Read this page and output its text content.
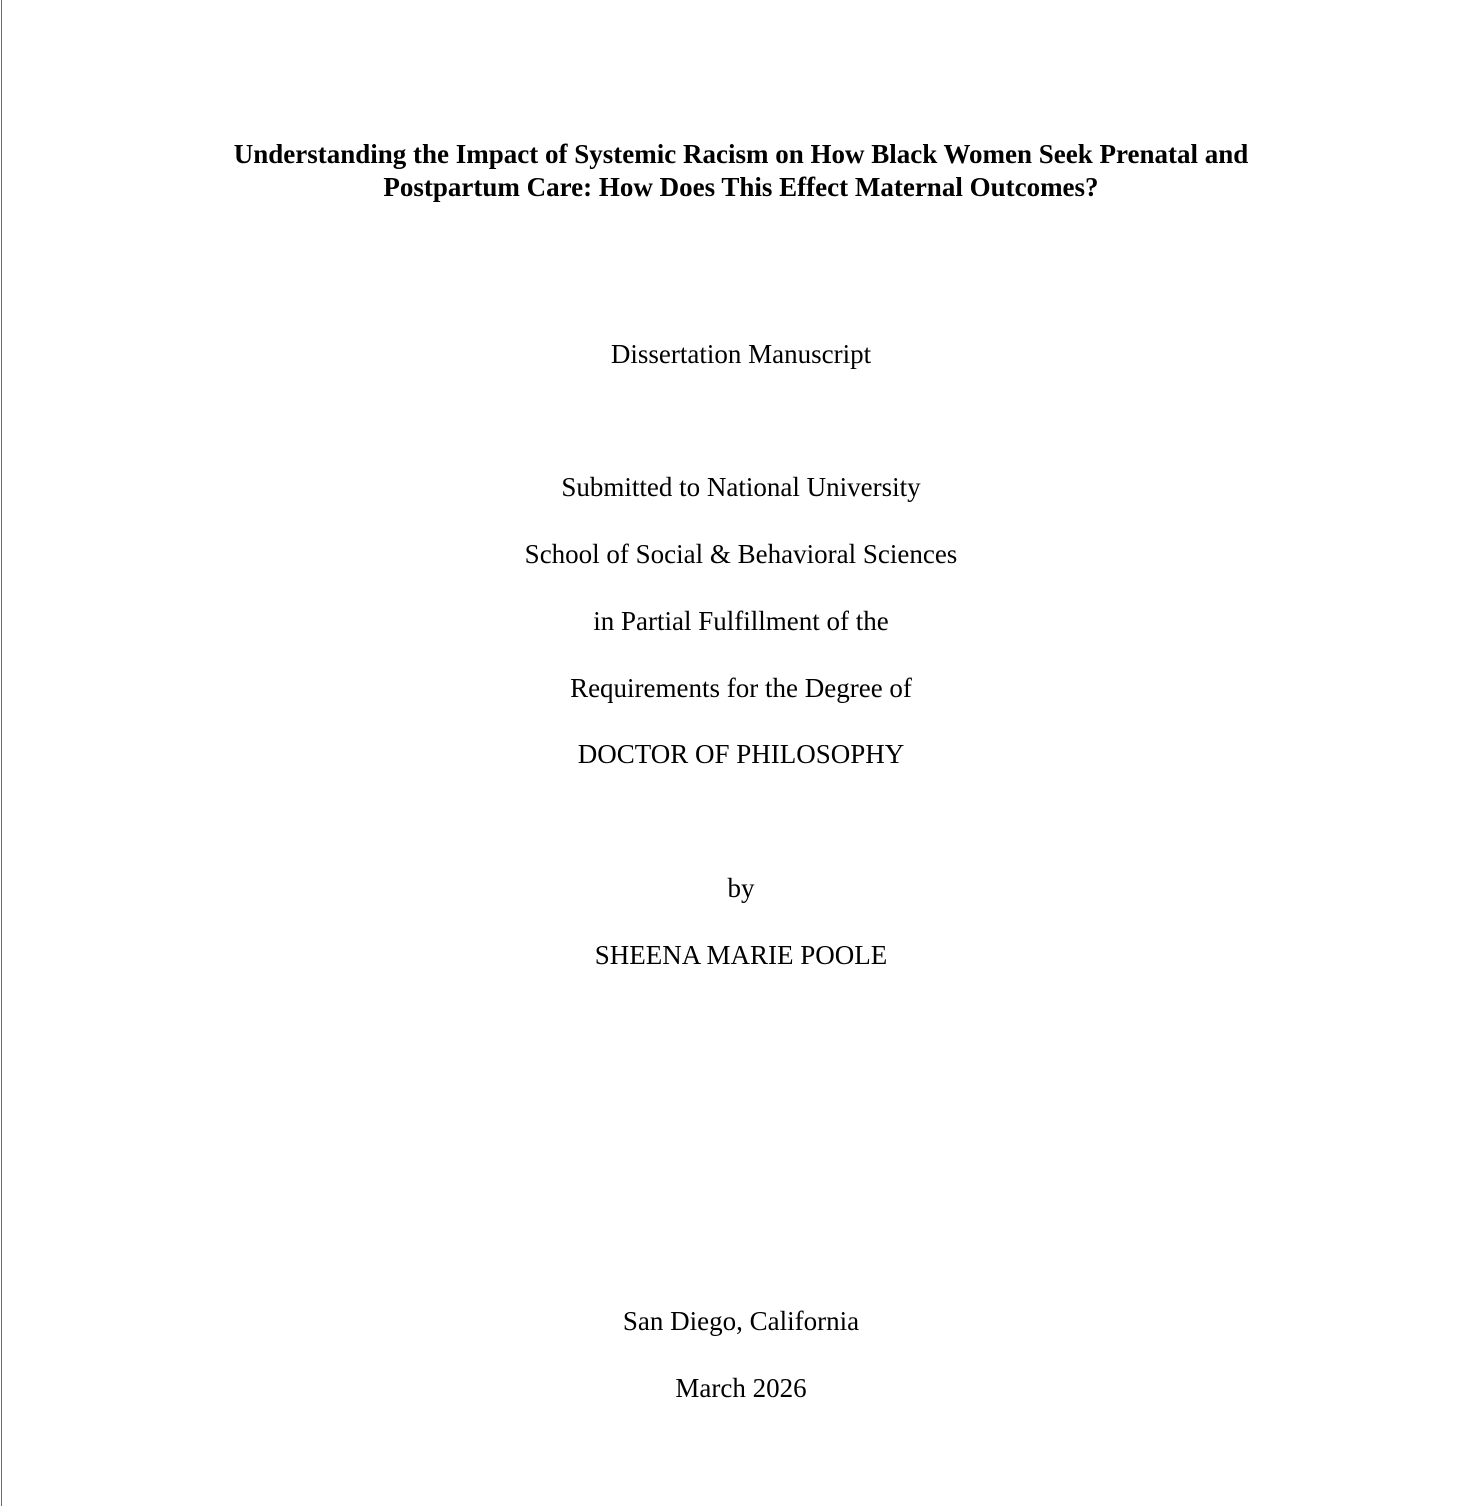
Understanding the Impact of Systemic Racism on How Black Women Seek Prenatal and
Postpartum Care: How Does This Effect Maternal Outcomes?
Dissertation Manuscript
Submitted to National University
School of Social & Behavioral Sciences
in Partial Fulfillment of the
Requirements for the Degree of
DOCTOR OF PHILOSOPHY
by
SHEENA MARIE POOLE
San Diego, California
March 2026
